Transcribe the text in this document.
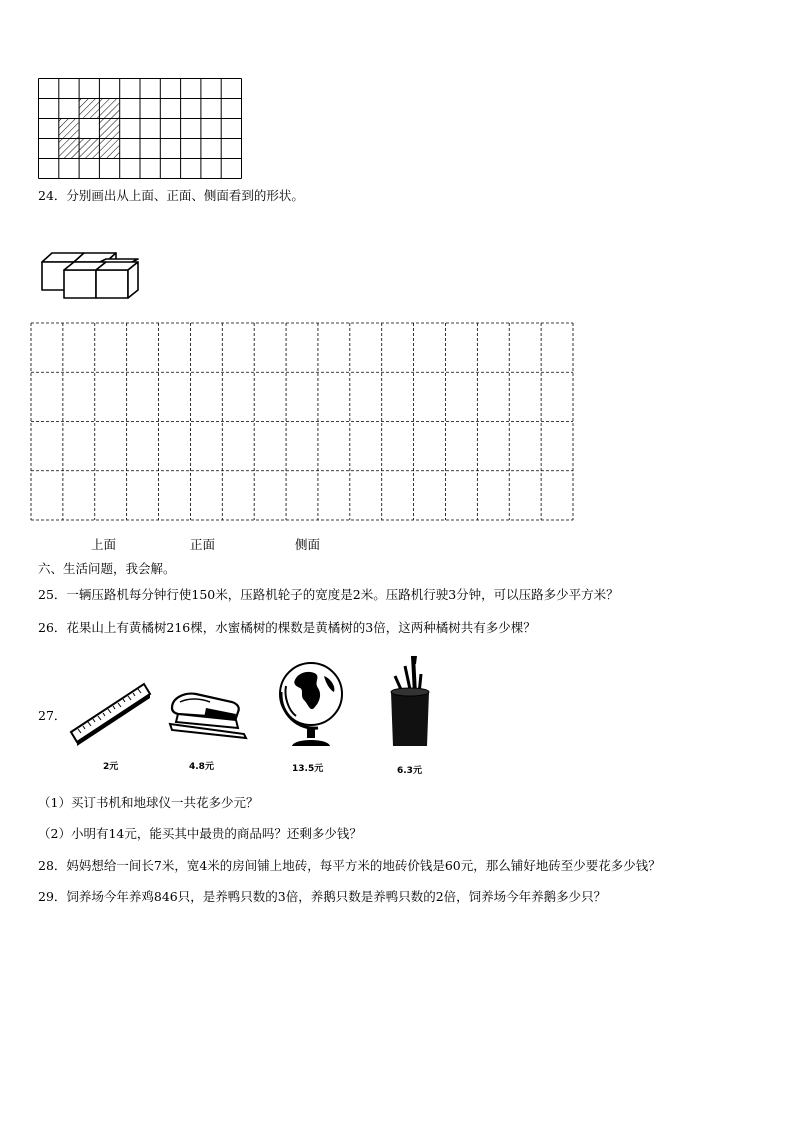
24．分别画出从上面、正面、侧面看到的形状。
上面	正面	侧面
六、生活问题，我会解。
25．一辆压路机每分钟行使150米，压路机轮子的宽度是2米。压路机行驶3分钟，可以压路多少平方米？
26．花果山上有黄橘树216棵，水蜜橘树的棵数是黄橘树的3倍，这两种橘树共有多少棵？
27．
2元	4.8元	13.5元	6.3元
（1）买订书机和地球仪一共花多少元？
（2）小明有14元，能买其中最贵的商品吗？还剩多少钱？
28．妈妈想给一间长7米，宽4米的房间铺上地砖，每平方米的地砖价钱是60元，那么铺好地砖至少要花多少钱？
29．饲养场今年养鸡846只，是养鸭只数的3倍，养鹅只数是养鸭只数的2倍，饲养场今年养鹅多少只？
